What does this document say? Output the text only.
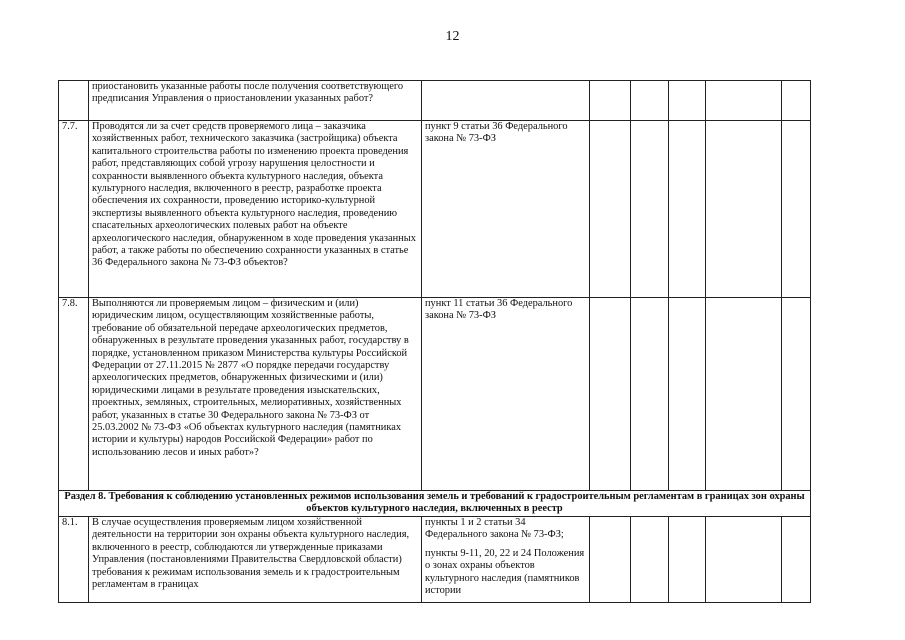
12
	приостановить указанные работы после получения соответствующего предписания Управления о приостановлении указанных работ?						
7.7.	Проводятся ли за счет средств проверяемого лица – заказчика хозяйственных работ, технического заказчика (застройщика) объекта капитального строительства работы по изменению проекта проведения работ, представляющих собой угрозу нарушения целостности и сохранности выявленного объекта культурного наследия, объекта культурного наследия, включенного в реестр, разработке проекта обеспечения их сохранности, проведению историко-культурной экспертизы выявленного объекта культурного наследия, проведению спасательных археологических полевых работ на объекте археологического наследия, обнаруженном в ходе проведения указанных работ, а также работы по обеспечению сохранности указанных в статье 36 Федерального закона № 73-ФЗ объектов?	пункт 9 статьи 36 Федерального закона № 73-ФЗ					
7.8.	Выполняются ли проверяемым лицом – физическим и (или) юридическим лицом, осуществляющим хозяйственные работы, требование об обязательной передаче археологических предметов, обнаруженных в результате проведения указанных работ, государству в порядке, установленном приказом Министерства культуры Российской Федерации от 27.11.2015 № 2877 «О порядке передачи государству археологических предметов, обнаруженных физическими и (или) юридическими лицами в результате проведения изыскательских, проектных, земляных, строительных, мелиоративных, хозяйственных работ, указанных в статье 30 Федерального закона № 73-ФЗ от 25.03.2002 № 73-ФЗ «Об объектах культурного наследия (памятниках истории и культуры) народов Российской Федерации» работ по использованию лесов и иных работ»?	пункт 11 статьи 36 Федерального закона № 73-ФЗ					
Раздел 8. Требования к соблюдению установленных режимов использования земель и требований к градостроительным регламентам в границах зон охраны объектов культурного наследия, включенных в реестр							
8.1.	В случае осуществления проверяемым лицом хозяйственной деятельности на территории зон охраны объекта культурного наследия, включенного в реестр, соблюдаются ли утвержденные приказами Управления (постановлениями Правительства Свердловской области) требования к режимам использования земель и к градостроительным регламентам в границах	пункты 1 и 2 статьи 34 Федерального закона № 73-ФЗ;
пункты 9-11, 20, 22 и 24 Положения о зонах охраны объектов культурного наследия (памятников истории					
